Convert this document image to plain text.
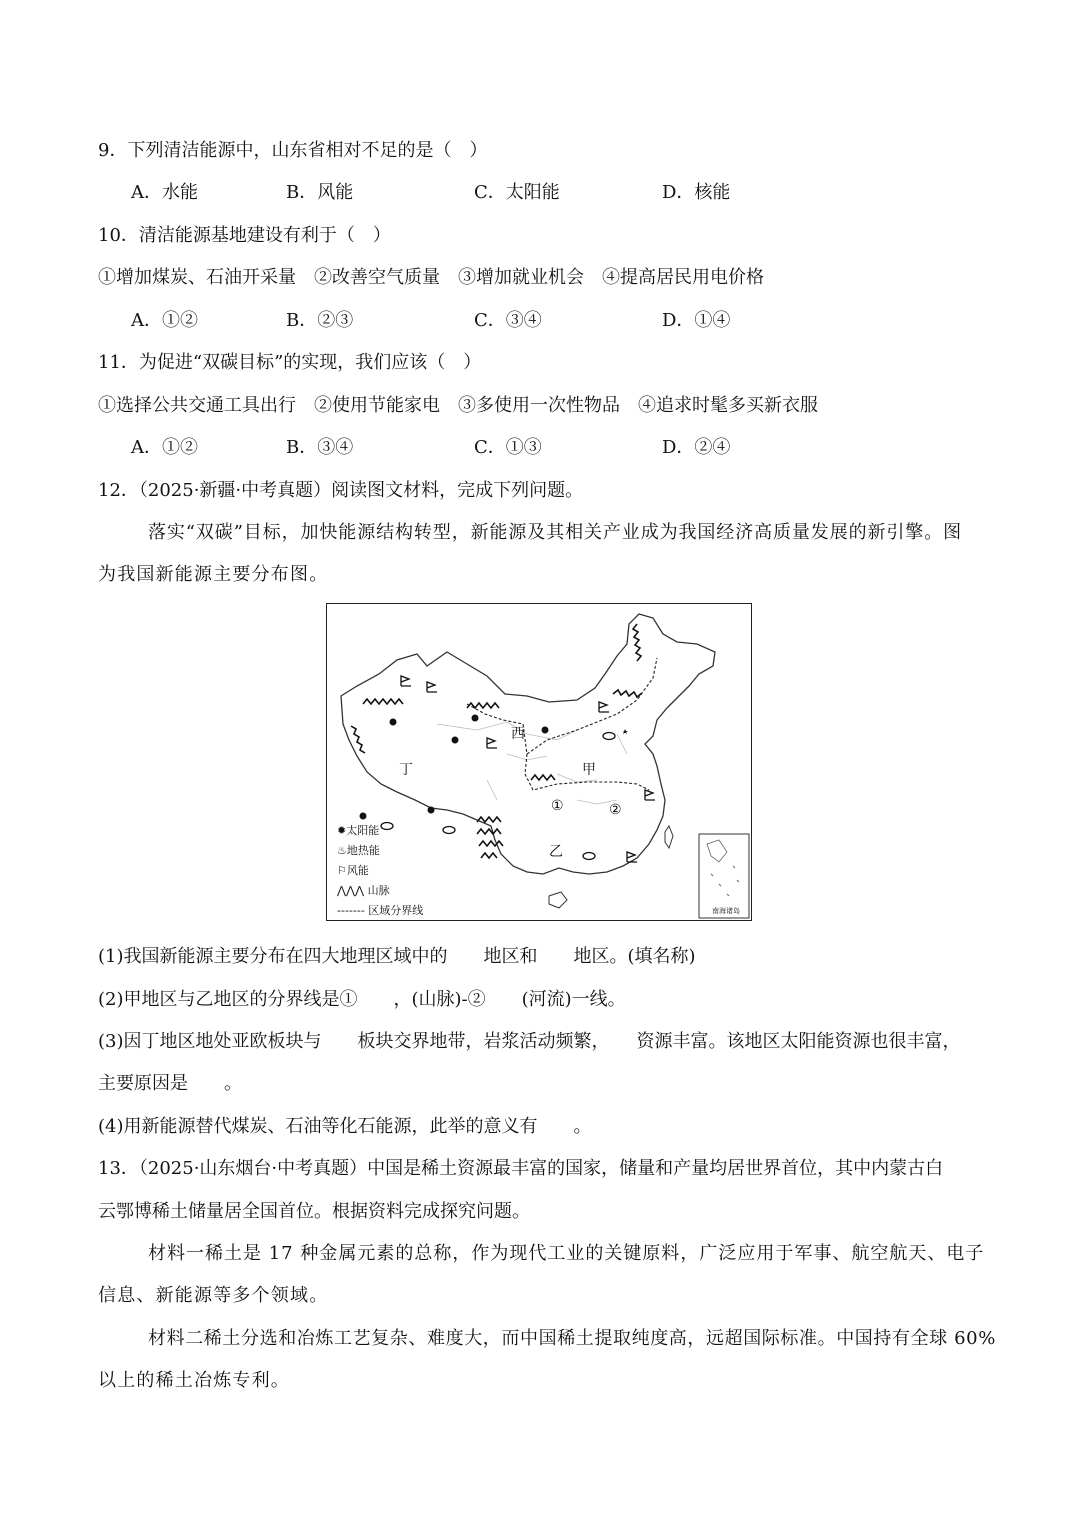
9．下列清洁能源中，山东省相对不足的是（　）
A．水能	B．风能	C．太阳能	D．核能
10．清洁能源基地建设有利于（　）
①增加煤炭、石油开采量　②改善空气质量　③增加就业机会　④提高居民用电价格
A．①②	B．②③	C．③④	D．①④
11．为促进“双碳目标”的实现，我们应该（　）
①选择公共交通工具出行　②使用节能家电　③多使用一次性物品　④追求时髦多买新衣服
A．①②	B．③④	C．①③	D．②④
12．（2025·新疆·中考真题）阅读图文材料，完成下列问题。
落实“双碳”目标，加快能源结构转型，新能源及其相关产业成为我国经济高质量发展的新引擎。图
为我国新能源主要分布图。
西
甲
丁
乙
①	②
✹太阳能
♨地热能
⚐风能
⋀⋀⋀ 山脉
------- 区域分界线	南海诸岛
(1)我国新能源主要分布在四大地理区域中的　　地区和　　地区。(填名称)
(2)甲地区与乙地区的分界线是①　　，(山脉)-②　　(河流)一线。
(3)因丁地区地处亚欧板块与　　板块交界地带，岩浆活动频繁，　　资源丰富。该地区太阳能资源也很丰富，
主要原因是　　。
(4)用新能源替代煤炭、石油等化石能源，此举的意义有　　。
13．（2025·山东烟台·中考真题）中国是稀土资源最丰富的国家，储量和产量均居世界首位，其中内蒙古白
云鄂博稀土储量居全国首位。根据资料完成探究问题。
材料一稀土是 17 种金属元素的总称，作为现代工业的关键原料，广泛应用于军事、航空航天、电子
信息、新能源等多个领域。
材料二稀土分选和冶炼工艺复杂、难度大，而中国稀土提取纯度高，远超国际标准。中国持有全球 60%
以上的稀土冶炼专利。
